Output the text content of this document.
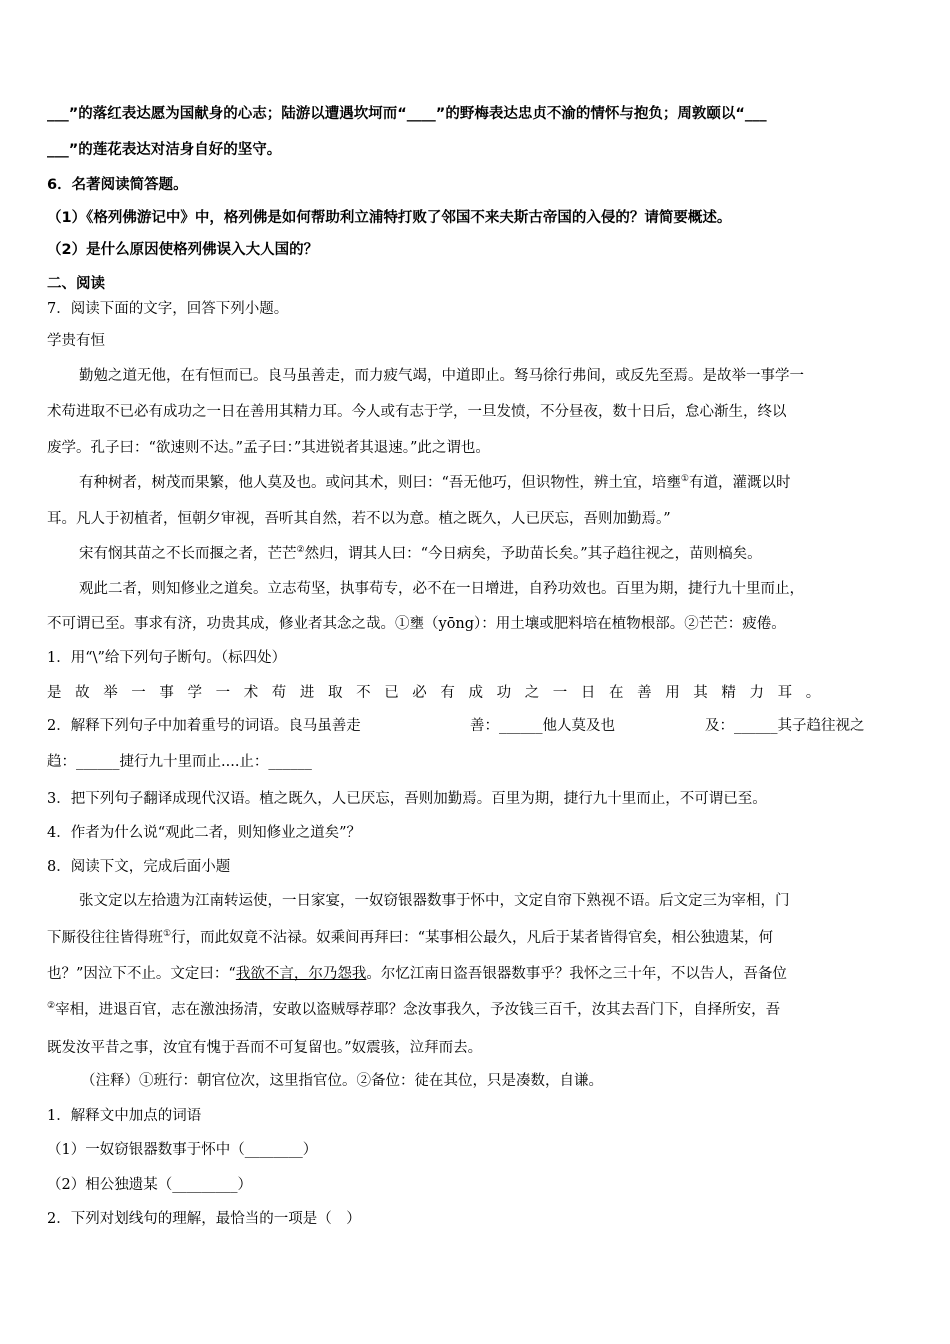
___”的落红表达愿为国献身的心志；陆游以遭遇坎坷而“____”的野梅表达忠贞不渝的情怀与抱负；周敦颐以“___
___”的莲花表达对洁身自好的坚守。
6．名著阅读简答题。
（1）《格列佛游记中》中，格列佛是如何帮助利立浦特打败了邻国不来夫斯古帝国的入侵的？请简要概述。
（2）是什么原因使格列佛误入大人国的？
二、阅读
7．阅读下面的文字，回答下列小题。
学贵有恒
勤勉之道无他，在有恒而已。良马虽善走，而力疲气竭，中道即止。驽马徐行弗间，或反先至焉。是故举一事学一
术苟进取不已必有成功之一日在善用其精力耳。今人或有志于学，一旦发愤，不分昼夜，数十日后，怠心渐生，终以
废学。孔子曰：“欲速则不达。”孟子曰：”其进锐者其退速。”此之谓也。
有种树者，树茂而果繁，他人莫及也。或问其术，则曰：“吾无他巧，但识物性，辨土宜，培壅①有道，灌溉以时
耳。凡人于初植者，恒朝夕审视，吾听其自然，若不以为意。植之既久，人已厌忘，吾则加勤焉。”
宋有悯其苗之不长而揠之者，芒芒②然归，谓其人曰：“今日病矣，予助苗长矣。”其子趋往视之，苗则槁矣。
观此二者，则知修业之道矣。立志苟坚，执事苟专，必不在一日增进，自矜功效也。百里为期，捷行九十里而止，
不可谓已至。事求有济，功贵其成，修业者其念之哉。①壅（yōng）：用土壤或肥料培在植物根部。②芒芒：疲倦。
1．用“\”给下列句子断句。（标四处）
是故举一事学一术苟进取不已必有成功之一日在善用其精力耳。
2．解释下列句子中加着重号的词语。良马虽善走	善：______他人莫及也	及：______其子趋往视之
趋：______捷行九十里而止....止：______
3．把下列句子翻译成现代汉语。植之既久，人已厌忘，吾则加勤焉。百里为期，捷行九十里而止，不可谓已至。
4．作者为什么说“观此二者，则知修业之道矣”？
8．阅读下文，完成后面小题
张文定以左拾遗为江南转运使，一日家宴，一奴窃银器数事于怀中，文定自帘下熟视不语。后文定三为宰相，门
下厮役往往皆得班①行，而此奴竟不沾禄。奴乘间再拜曰：“某事相公最久，凡后于某者皆得官矣，相公独遗某，何
也？”因泣下不止。文定曰：“我欲不言，尔乃怨我。尔忆江南日盗吾银器数事乎？我怀之三十年，不以告人，吾备位
②宰相，进退百官，志在激浊扬清，安敢以盗贼辱荐耶？念汝事我久，予汝钱三百千，汝其去吾门下，自择所安，吾
既发汝平昔之事，汝宜有愧于吾而不可复留也。”奴震骇，泣拜而去。
（注释）①班行：朝官位次，这里指官位。②备位：徒在其位，只是凑数，自谦。
1．解释文中加点的词语
（1）一奴窃银器数事于怀中（________）
（2）相公独遗某（_________）
2．下列对划线句的理解，最恰当的一项是（　）
